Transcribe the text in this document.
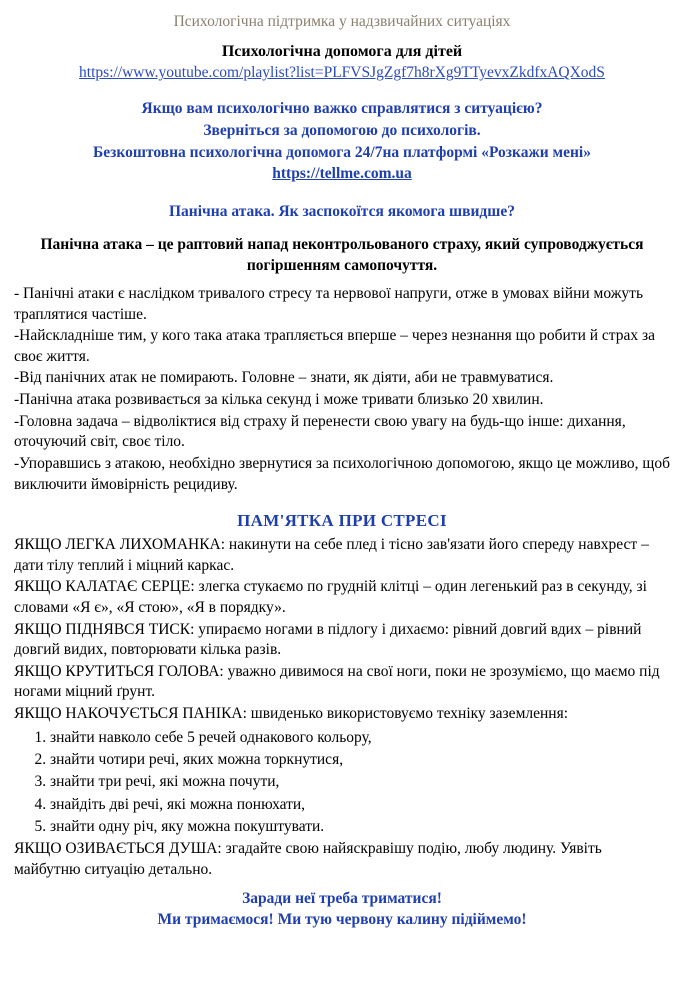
Психологічна підтримка у надзвичайних ситуаціях
Психологічна допомога для дітей
https://www.youtube.com/playlist?list=PLFVSJgZgf7h8rXg9TTyevxZkdfxAQXodS
Якщо вам психологічно важко справлятися з ситуацією?
Зверніться за допомогою до психологів.
Безкоштовна психологічна допомога 24/7на платформі «Розкажи мені»
https://tellme.com.ua
Панічна атака. Як заспокоїтся якомога швидше?
Панічна атака – це раптовий напад неконтрольованого страху, який супроводжується погіршенням самопочуття.
- Панічні атаки є наслідком тривалого стресу та нервової напруги, отже в умовах війни можуть траплятися частіше.
-Найскладніше тим, у кого така атака трапляється вперше – через незнання що робити й страх за своє життя.
-Від панічних атак не помирають. Головне – знати, як діяти, аби не травмуватися.
-Панічна атака розвивається за кілька секунд і може тривати близько 20 хвилин.
-Головна задача – відволіктися від страху й перенести свою увагу на будь-що інше: дихання, оточуючий світ, своє тіло.
-Упоравшись з атакою, необхідно звернутися за психологічною допомогою, якщо це можливо, щоб виключити ймовірність рецидиву.
ПАМ'ЯТКА ПРИ СТРЕСІ
ЯКЩО ЛЕГКА ЛИХОМАНКА: накинути на себе плед і тісно зав'язати його спереду навхрест – дати тілу теплий і міцний каркас.
ЯКЩО КАЛАТАЄ СЕРЦЕ: злегка стукаємо по грудній клітці – один легенький раз в секунду, зі словами «Я є», «Я стою», «Я в порядку».
ЯКЩО ПІДНЯВСЯ ТИСК: упираємо ногами в підлогу і дихаємо: рівний довгий вдих – рівний довгий видих, повторювати кілька разів.
ЯКЩО КРУТИТЬСЯ ГОЛОВА: уважно дивимося на свої ноги, поки не зрозуміємо, що маємо під ногами міцний ґрунт.
ЯКЩО НАКОЧУЄТЬСЯ ПАНІКА: швиденько використовуємо техніку заземлення:
1. знайти навколо себе 5 речей однакового кольору,
2. знайти чотири речі, яких можна торкнутися,
3. знайти три речі, які можна почути,
4. знайдіть дві речі, які можна понюхати,
5. знайти одну річ, яку можна покуштувати.
ЯКЩО ОЗИВАЄТЬСЯ ДУША: згадайте свою найяскравішу подію, любу людину. Уявіть майбутню ситуацію детально.
Заради неї треба триматися!
Ми тримаємося! Ми тую червону калину підіймемо!
